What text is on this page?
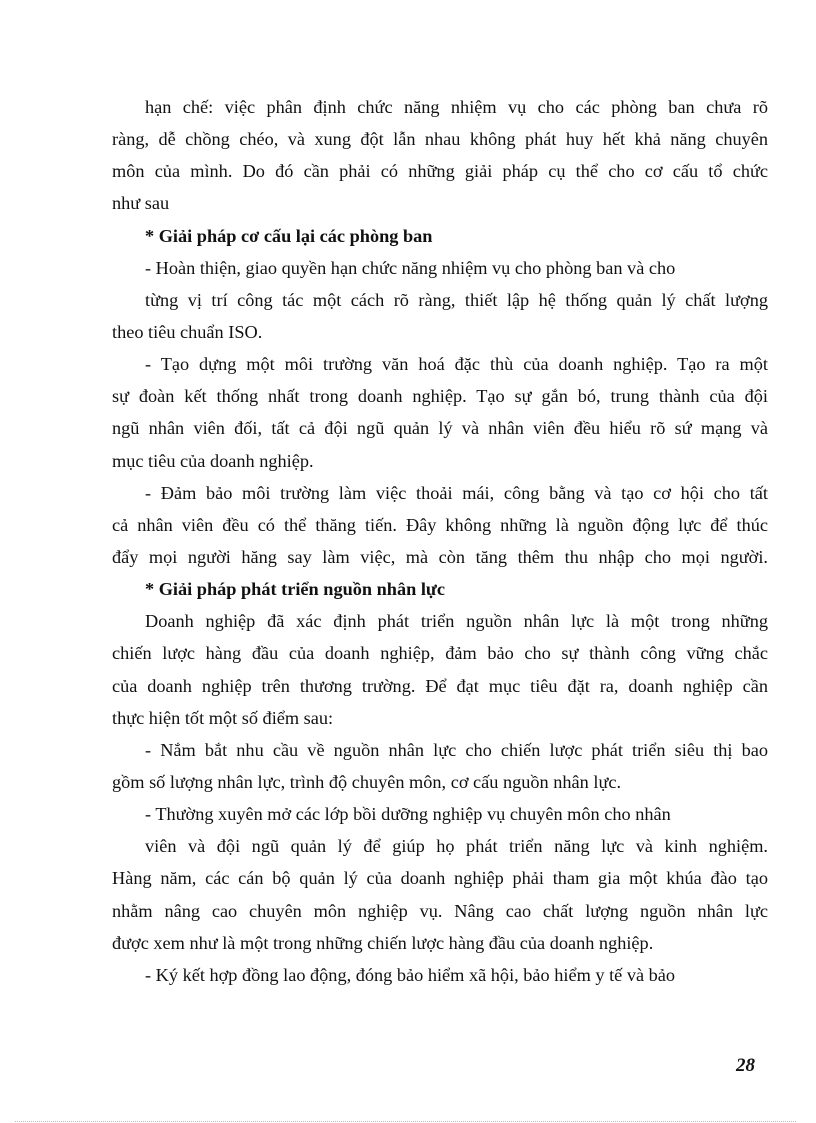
hạn chế: việc phân định chức năng nhiệm vụ cho các phòng ban chưa rõ
ràng, dễ chồng chéo, và xung đột lẫn nhau không phát huy hết khả năng chuyên
môn của mình. Do đó cần phải có những giải pháp cụ thể cho cơ cấu tổ chức
như sau
* Giải pháp cơ cấu lại các phòng ban
- Hoàn thiện, giao quyền hạn chức năng nhiệm vụ cho phòng ban và cho
từng vị trí công tác một cách rõ ràng, thiết lập hệ thống quản lý chất lượng
theo tiêu chuẩn ISO.
- Tạo dựng một môi trường văn hoá đặc thù của doanh nghiệp. Tạo ra một
sự đoàn kết thống nhất trong doanh nghiệp. Tạo sự gắn bó, trung thành của đội
ngũ nhân viên đối, tất cả đội ngũ quản lý và nhân viên đều hiểu rõ sứ mạng và
mục tiêu của doanh nghiệp.
- Đảm bảo môi trường làm việc thoải mái, công bằng và tạo cơ hội cho tất
cả nhân viên đều có thể thăng tiến. Đây không những là nguồn động lực để thúc
đẩy mọi người hăng say làm việc, mà còn tăng thêm thu nhập cho mọi người.
* Giải pháp phát triển nguồn nhân lực
Doanh nghiệp đã xác định phát triển nguồn nhân lực là một trong những
chiến lược hàng đầu của doanh nghiệp, đảm bảo cho sự thành công vững chắc
của doanh nghiệp trên thương trường. Để đạt mục tiêu đặt ra, doanh nghiệp cần
thực hiện tốt một số điểm sau:
- Nắm bắt nhu cầu về nguồn nhân lực cho chiến lược phát triển siêu thị bao
gồm số lượng nhân lực, trình độ chuyên môn, cơ cấu nguồn nhân lực.
- Thường xuyên mở các lớp bồi dưỡng nghiệp vụ chuyên môn cho nhân
viên và đội ngũ quản lý để giúp họ phát triển năng lực và kinh nghiệm.
Hàng năm, các cán bộ quản lý của doanh nghiệp phải tham gia một khúa đào tạo
nhằm nâng cao chuyên môn nghiệp vụ. Nâng cao chất lượng nguồn nhân lực
được xem như là một trong những chiến lược hàng đầu của doanh nghiệp.
- Ký kết hợp đồng lao động, đóng bảo hiểm xã hội, bảo hiểm y tế và bảo
28
